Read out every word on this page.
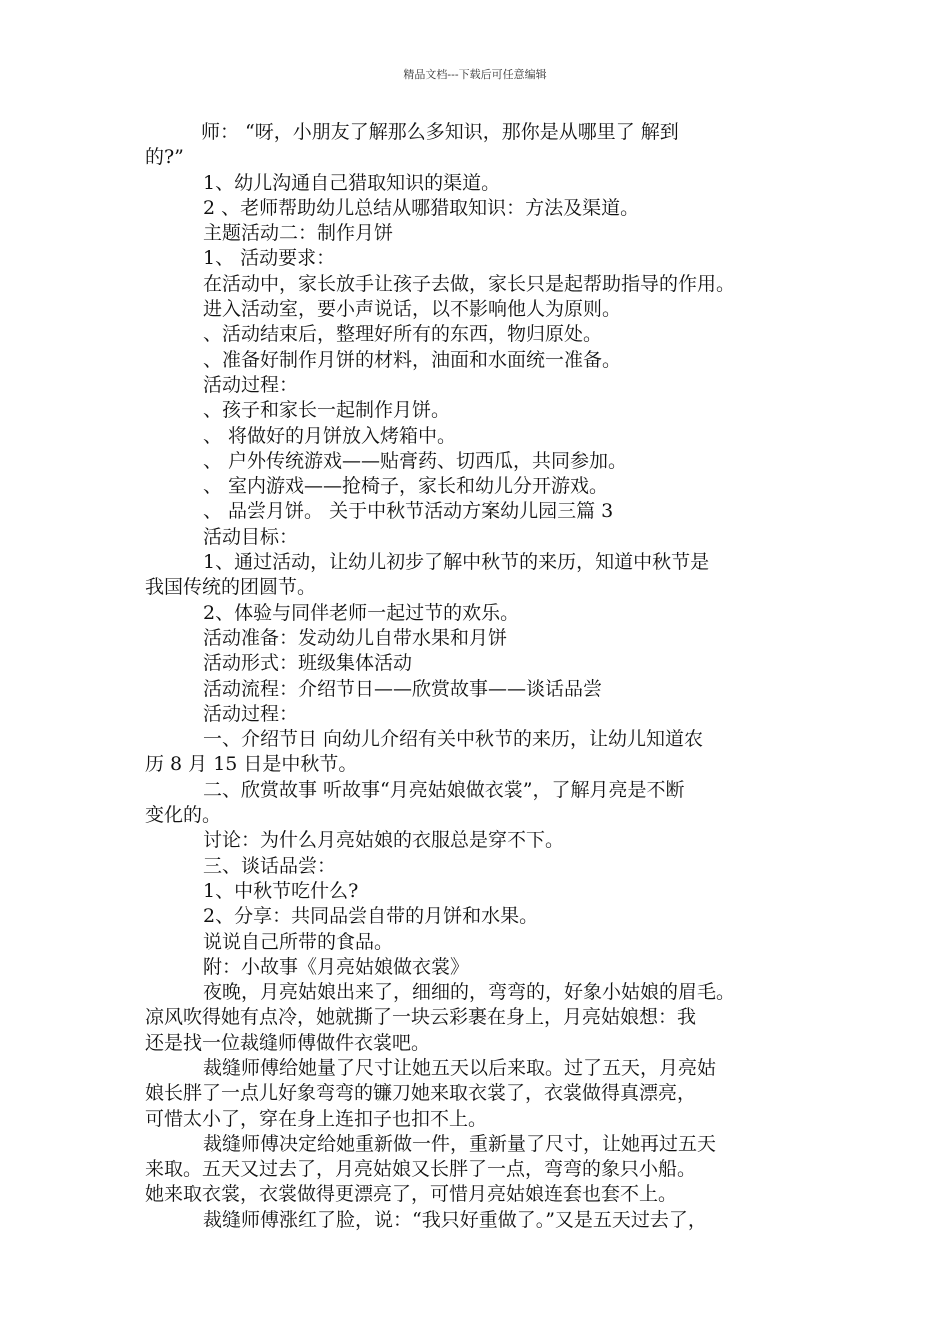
精品文档---下载后可任意编辑
师： “呀，小朋友了解那么多知识，那你是从哪里了 解到
的?”
1、幼儿沟通自己猎取知识的渠道。
2 、老师帮助幼儿总结从哪猎取知识：方法及渠道。
主题活动二：制作月饼
1、 活动要求：
在活动中，家长放手让孩子去做，家长只是起帮助指导的作用。
进入活动室，要小声说话，以不影响他人为原则。
、活动结束后，整理好所有的东西，物归原处。
、准备好制作月饼的材料，油面和水面统一准备。
活动过程：
、孩子和家长一起制作月饼。
、 将做好的月饼放入烤箱中。
、 户外传统游戏——贴膏药、切西瓜，共同参加。
、 室内游戏——抢椅子，家长和幼儿分开游戏。
、 品尝月饼。 关于中秋节活动方案幼儿园三篇 3
活动目标：
1、通过活动，让幼儿初步了解中秋节的来历，知道中秋节是
我国传统的团圆节。
2、体验与同伴老师一起过节的欢乐。
活动准备：发动幼儿自带水果和月饼
活动形式：班级集体活动
活动流程：介绍节日——欣赏故事——谈话品尝
活动过程：
一、介绍节日 向幼儿介绍有关中秋节的来历，让幼儿知道农
历 8 月 15 日是中秋节。
二、欣赏故事 听故事“月亮姑娘做衣裳”，了解月亮是不断
变化的。
讨论：为什么月亮姑娘的衣服总是穿不下。
三、谈话品尝：
1、中秋节吃什么?
2、分享：共同品尝自带的月饼和水果。
说说自己所带的食品。
附：小故事《月亮姑娘做衣裳》
夜晚，月亮姑娘出来了，细细的，弯弯的，好象小姑娘的眉毛。
凉风吹得她有点冷，她就撕了一块云彩裹在身上，月亮姑娘想：我
还是找一位裁缝师傅做件衣裳吧。
裁缝师傅给她量了尺寸让她五天以后来取。过了五天，月亮姑
娘长胖了一点儿好象弯弯的镰刀她来取衣裳了，衣裳做得真漂亮，
可惜太小了，穿在身上连扣子也扣不上。
裁缝师傅决定给她重新做一件，重新量了尺寸，让她再过五天
来取。五天又过去了，月亮姑娘又长胖了一点，弯弯的象只小船。
她来取衣裳，衣裳做得更漂亮了，可惜月亮姑娘连套也套不上。
裁缝师傅涨红了脸，说：“我只好重做了。”又是五天过去了，
